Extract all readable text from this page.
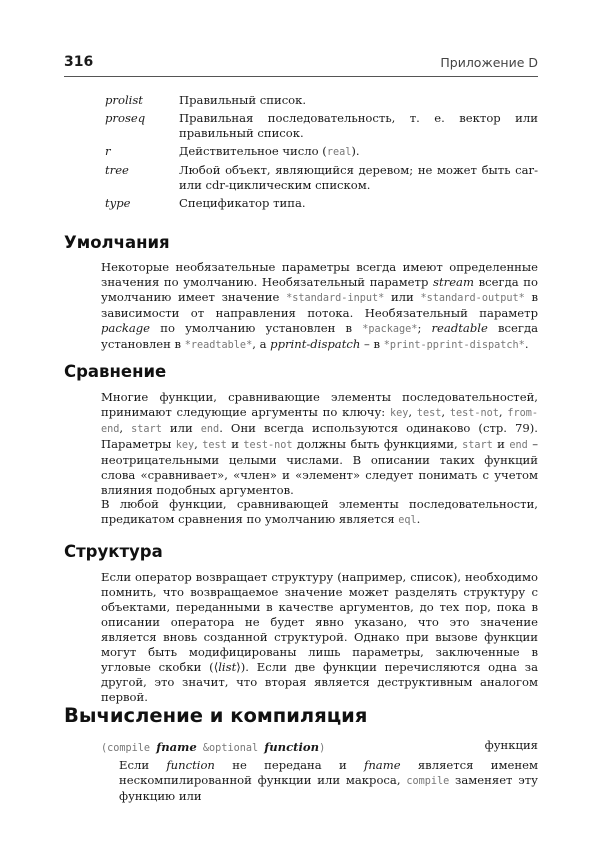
316	Приложение D
prolist	Правильный список.
proseq	Правильная последовательность, т. е. вектор или правильный список.
r	Действительное число (real).
tree	Любой объект, являющийся деревом; не может быть car-или cdr-циклическим списком.
type	Спецификатор типа.
Умолчания

Некоторые необязательные параметры всегда имеют определенные значения по умолчанию. Необязательный параметр stream всегда по умолчанию имеет значение *standard-input* или *standard-output* в зависимости от направления потока. Необязательный параметр package по умолчанию установлен в *package*; readtable всегда установлен в *readtable*, а pprint-dispatch – в *print-pprint-dispatch*.

Сравнение

Многие функции, сравнивающие элементы последовательностей, принимают следующие аргументы по ключу: key, test, test-not, from-end, start или end. Они всегда используются одинаково (стр. 79). Параметры key, test и test-not должны быть функциями, start и end – неотрицательными целыми числами. В описании таких функций слова «сравнивает», «член» и «элемент» следует понимать с учетом влияния подобных аргументов.

В любой функции, сравнивающей элементы последовательности, предикатом сравнения по умолчанию является eql.

Структура

Если оператор возвращает структуру (например, список), необходимо помнить, что возвращаемое значение может разделять структуру с объектами, переданными в качестве аргументов, до тех пор, пока в описании оператора не будет явно указано, что это значение является вновь созданной структурой. Однако при вызове функции могут быть модифицированы лишь параметры, заключенные в угловые скобки (⟨list⟩). Если две функции перечисляются одна за другой, это значит, что вторая является деструктивным аналогом первой.

Вычисление и компиляция
(compile fname &optional function)	функция

Если function не передана и fname является именем нескомпилированной функции или макроса, compile заменяет эту функцию или
